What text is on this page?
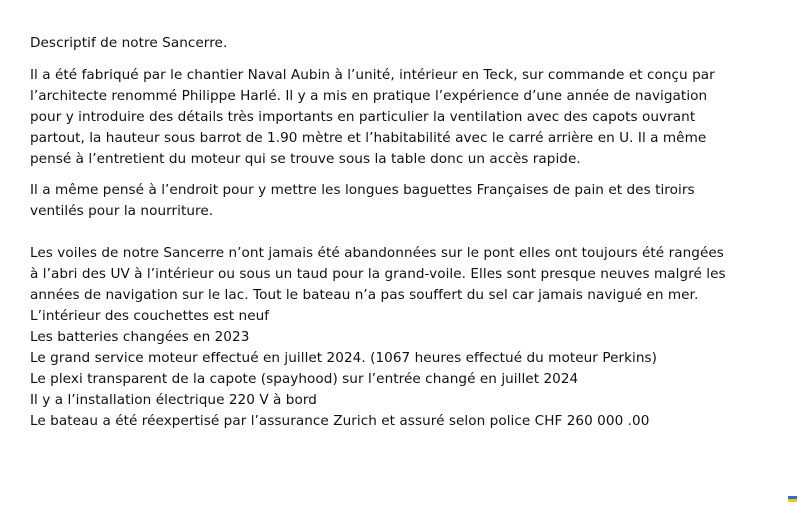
Descriptif de notre Sancerre.

Il a été fabriqué par le chantier Naval Aubin à l’unité, intérieur en Teck, sur commande et conçu par
l’architecte renommé Philippe Harlé. Il y a mis en pratique l’expérience d’une année de navigation
pour y introduire des détails très importants en particulier la ventilation avec des capots ouvrant
partout, la hauteur sous barrot de 1.90 mètre et l’habitabilité avec le carré arrière en U. Il a même
pensé à l’entretient du moteur qui se trouve sous la table donc un accès rapide.

Il a même pensé à l’endroit pour y mettre les longues baguettes Françaises de pain et des tiroirs
ventilés pour la nourriture.

Les voiles de notre Sancerre n’ont jamais été abandonnées sur le pont elles ont toujours été rangées
à l’abri des UV à l’intérieur ou sous un taud pour la grand-voile. Elles sont presque neuves malgré les
années de navigation sur le lac. Tout le bateau n’a pas souffert du sel car jamais navigué en mer.
L’intérieur des couchettes est neuf
Les batteries changées en 2023
Le grand service moteur effectué en juillet 2024. (1067 heures effectué du moteur Perkins)
Le plexi transparent de la capote (spayhood) sur l’entrée changé en juillet 2024
Il y a l’installation électrique 220 V à bord
Le bateau a été réexpertisé par l’assurance Zurich et assuré selon police CHF 260 000 .00
